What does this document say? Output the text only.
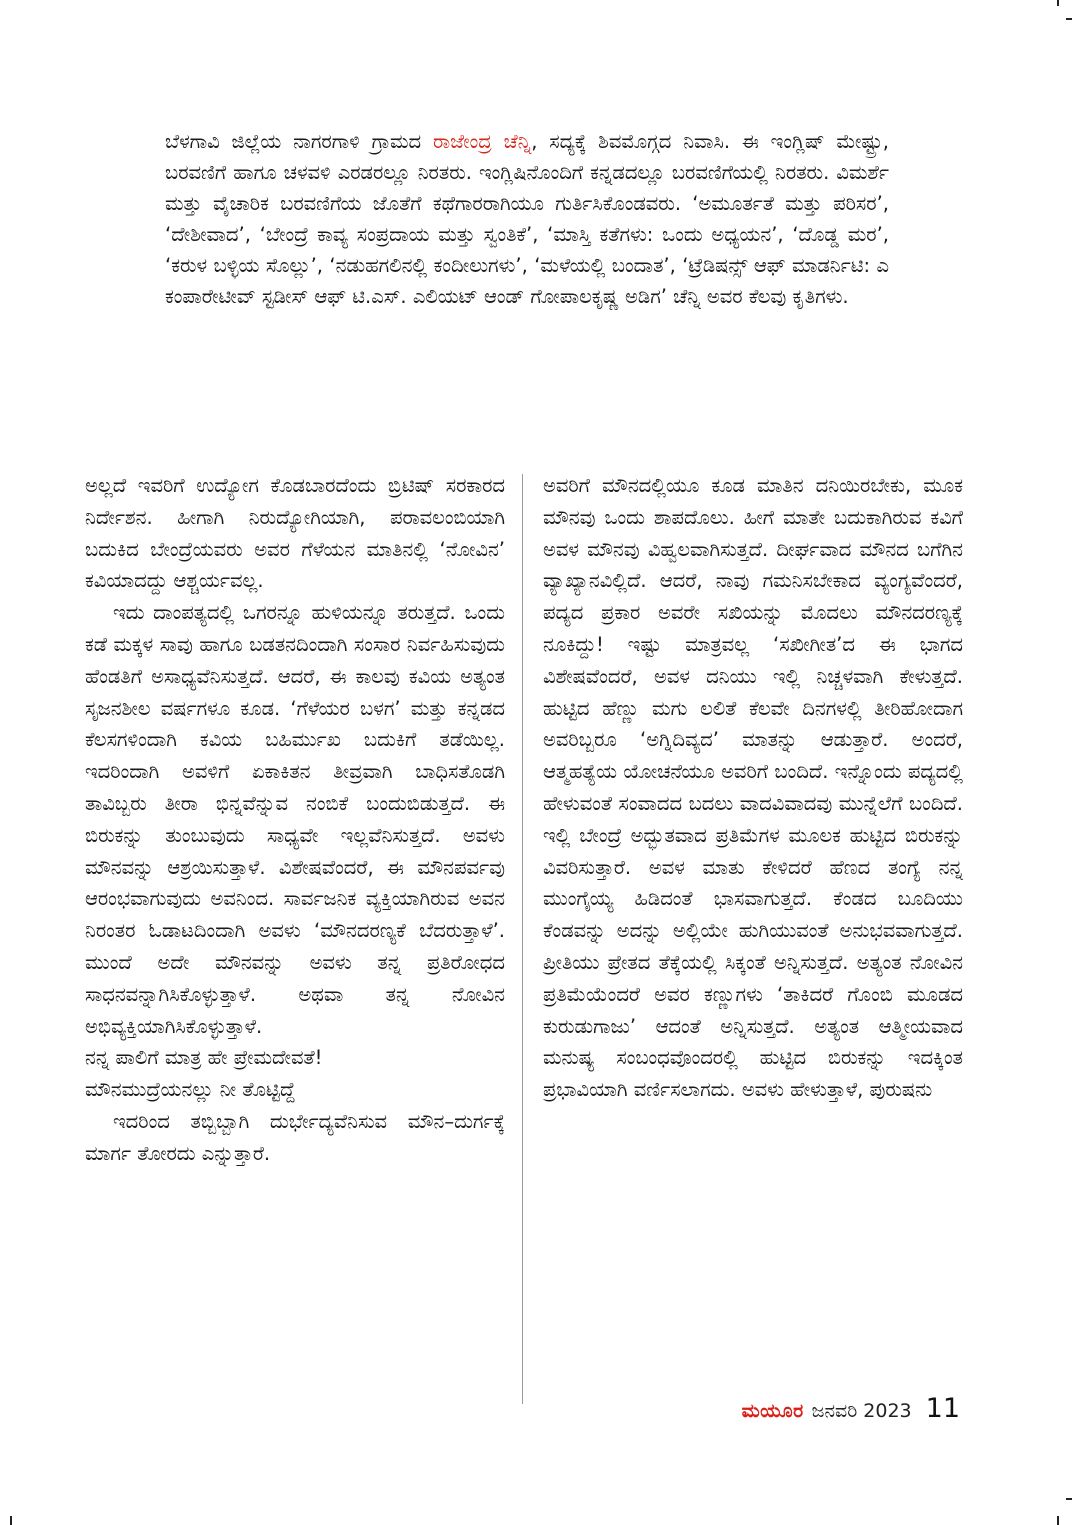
ಬೆಳಗಾವಿ ಜಿಲ್ಲೆಯ ನಾಗರಗಾಳಿ ಗ್ರಾಮದ ರಾಜೇಂದ್ರ ಚೆನ್ನಿ, ಸದ್ಯಕ್ಕೆ ಶಿವಮೊಗ್ಗದ ನಿವಾಸಿ. ಈ ಇಂಗ್ಲಿಷ್ ಮೇಷ್ಟ್ರು, ಬರವಣಿಗೆ ಹಾಗೂ ಚಳವಳಿ ಎರಡರಲ್ಲೂ ನಿರತರು. ಇಂಗ್ಲಿಷಿನೊಂದಿಗೆ ಕನ್ನಡದಲ್ಲೂ ಬರವಣಿಗೆಯಲ್ಲಿ ನಿರತರು. ವಿಮರ್ಶೆ ಮತ್ತು ವೈಚಾರಿಕ ಬರವಣಿಗೆಯ ಜೊತೆಗೆ ಕಥೆಗಾರರಾಗಿಯೂ ಗುರ್ತಿಸಿಕೊಂಡವರು. ‘ಅಮೂರ್ತತೆ ಮತ್ತು ಪರಿಸರ’, ‘ದೇಶೀವಾದ’, ‘ಬೇಂದ್ರೆ ಕಾವ್ಯ ಸಂಪ್ರದಾಯ ಮತ್ತು ಸ್ವಂತಿಕೆ’, ‘ಮಾಸ್ತಿ ಕತೆಗಳು: ಒಂದು ಅಧ್ಯಯನ’, ‘ದೊಡ್ಡ ಮರ’, ‘ಕರುಳ ಬಳ್ಳಿಯ ಸೊಲ್ಲು’, ‘ನಡುಹಗಲಿನಲ್ಲಿ ಕಂದೀಲುಗಳು’, ‘ಮಳೆಯಲ್ಲಿ ಬಂದಾತ’, ‘ಟ್ರೆಡಿಷನ್ಸ್ ಆಫ್ ಮಾಡರ್ನಿಟಿ: ಎ ಕಂಪಾರೇಟೀವ್ ಸ್ಟಡೀಸ್ ಆಫ್ ಟಿ.ಎಸ್. ಎಲಿಯಟ್ ಆಂಡ್ ಗೋಪಾಲಕೃಷ್ಣ ಅಡಿಗ’ ಚೆನ್ನಿ ಅವರ ಕೆಲವು ಕೃತಿಗಳು.

ಅಲ್ಲದೆ ಇವರಿಗೆ ಉದ್ಯೋಗ ಕೊಡಬಾರದೆಂದು ಬ್ರಿಟಿಷ್ ಸರಕಾರದ ನಿರ್ದೇಶನ. ಹೀಗಾಗಿ ನಿರುದ್ಯೋಗಿಯಾಗಿ, ಪರಾವಲಂಬಿಯಾಗಿ ಬದುಕಿದ ಬೇಂದ್ರೆಯವರು ಅವರ ಗೆಳೆಯನ ಮಾತಿನಲ್ಲಿ ‘ನೋವಿನ’ ಕವಿಯಾದದ್ದು ಆಶ್ಚರ್ಯವಲ್ಲ.

ಇದು ದಾಂಪತ್ಯದಲ್ಲಿ ಒಗರನ್ನೂ ಹುಳಿಯನ್ನೂ ತರುತ್ತದೆ. ಒಂದು ಕಡೆ ಮಕ್ಕಳ ಸಾವು ಹಾಗೂ ಬಡತನದಿಂದಾಗಿ ಸಂಸಾರ ನಿರ್ವಹಿಸುವುದು ಹೆಂಡತಿಗೆ ಅಸಾಧ್ಯವೆನಿಸುತ್ತದೆ. ಆದರೆ, ಈ ಕಾಲವು ಕವಿಯ ಅತ್ಯಂತ ಸೃಜನಶೀಲ ವರ್ಷಗಳೂ ಕೂಡ. ‘ಗೆಳೆಯರ ಬಳಗ’ ಮತ್ತು ಕನ್ನಡದ ಕೆಲಸಗಳಿಂದಾಗಿ ಕವಿಯ ಬಹಿರ್ಮುಖ ಬದುಕಿಗೆ ತಡೆಯಿಲ್ಲ. ಇದರಿಂದಾಗಿ ಅವಳಿಗೆ ಏಕಾಕಿತನ ತೀವ್ರವಾಗಿ ಬಾಧಿಸತೊಡಗಿ ತಾವಿಬ್ಬರು ತೀರಾ ಭಿನ್ನವೆನ್ನುವ ನಂಬಿಕೆ ಬಂದುಬಿಡುತ್ತದೆ. ಈ ಬಿರುಕನ್ನು ತುಂಬುವುದು ಸಾಧ್ಯವೇ ಇಲ್ಲವೆನಿಸುತ್ತದೆ. ಅವಳು ಮೌನವನ್ನು ಆಶ್ರಯಿಸುತ್ತಾಳೆ. ವಿಶೇಷವೆಂದರೆ, ಈ ಮೌನಪರ್ವವು ಆರಂಭವಾಗುವುದು ಅವನಿಂದ. ಸಾರ್ವಜನಿಕ ವ್ಯಕ್ತಿಯಾಗಿರುವ ಅವನ ನಿರಂತರ ಓಡಾಟದಿಂದಾಗಿ ಅವಳು ‘ಮೌನದರಣ್ಯಕೆ ಬೆದರುತ್ತಾಳೆ’. ಮುಂದೆ ಅದೇ ಮೌನವನ್ನು ಅವಳು ತನ್ನ ಪ್ರತಿರೋಧದ ಸಾಧನವನ್ನಾಗಿಸಿಕೊಳ್ಳುತ್ತಾಳೆ. ಅಥವಾ ತನ್ನ ನೋವಿನ ಅಭಿವ್ಯಕ್ತಿಯಾಗಿಸಿಕೊಳ್ಳುತ್ತಾಳೆ.

ನನ್ನ ಪಾಲಿಗೆ ಮಾತ್ರ ಹೇ ಪ್ರೇಮದೇವತೆ!

ಮೌನಮುದ್ರೆಯನಲ್ಲು ನೀ ತೊಟ್ಟಿದ್ದೆ

ಇದರಿಂದ ತಬ್ಬಿಬ್ಬಾಗಿ ದುರ್ಭೇದ್ಯವೆನಿಸುವ ಮೌನ–ದುರ್ಗಕ್ಕೆ ಮಾರ್ಗ ತೋರದು ಎನ್ನುತ್ತಾರೆ.

ಅವರಿಗೆ ಮೌನದಲ್ಲಿಯೂ ಕೂಡ ಮಾತಿನ ದನಿಯಿರಬೇಕು, ಮೂಕ ಮೌನವು ಒಂದು ಶಾಪದೊಲು. ಹೀಗೆ ಮಾತೇ ಬದುಕಾಗಿರುವ ಕವಿಗೆ ಅವಳ ಮೌನವು ವಿಹ್ವಲವಾಗಿಸುತ್ತದೆ. ದೀರ್ಘವಾದ ಮೌನದ ಬಗೆಗಿನ ವ್ಯಾಖ್ಯಾನವಿಲ್ಲಿದೆ. ಆದರೆ, ನಾವು ಗಮನಿಸಬೇಕಾದ ವ್ಯಂಗ್ಯವೆಂದರೆ, ಪದ್ಯದ ಪ್ರಕಾರ ಅವರೇ ಸಖಿಯನ್ನು ಮೊದಲು ಮೌನದರಣ್ಯಕ್ಕೆ ನೂಕಿದ್ದು! ಇಷ್ಟು ಮಾತ್ರವಲ್ಲ ‘ಸಖೀಗೀತ’ದ ಈ ಭಾಗದ ವಿಶೇಷವೆಂದರೆ, ಅವಳ ದನಿಯು ಇಲ್ಲಿ ನಿಚ್ಚಳವಾಗಿ ಕೇಳುತ್ತದೆ. ಹುಟ್ಟಿದ ಹೆಣ್ಣು ಮಗು ಲಲಿತೆ ಕೆಲವೇ ದಿನಗಳಲ್ಲಿ ತೀರಿಹೋದಾಗ ಅವರಿಬ್ಬರೂ ‘ಅಗ್ನಿದಿವ್ಯದ’ ಮಾತನ್ನು ಆಡುತ್ತಾರೆ. ಅಂದರೆ, ಆತ್ಮಹತ್ಯೆಯ ಯೋಚನೆಯೂ ಅವರಿಗೆ ಬಂದಿದೆ. ಇನ್ನೊಂದು ಪದ್ಯದಲ್ಲಿ ಹೇಳುವಂತೆ ಸಂವಾದದ ಬದಲು ವಾದವಿವಾದವು ಮುನ್ನೆಲೆಗೆ ಬಂದಿದೆ. ಇಲ್ಲಿ ಬೇಂದ್ರೆ ಅದ್ಭುತವಾದ ಪ್ರತಿಮೆಗಳ ಮೂಲಕ ಹುಟ್ಟಿದ ಬಿರುಕನ್ನು ವಿವರಿಸುತ್ತಾರೆ. ಅವಳ ಮಾತು ಕೇಳಿದರೆ ಹೆಣದ ತಂಗ್ಯೆ ನನ್ನ ಮುಂಗೈಯ್ಯ ಹಿಡಿದಂತೆ ಭಾಸವಾಗುತ್ತದೆ. ಕೆಂಡದ ಬೂದಿಯು ಕೆಂಡವನ್ನು ಅದನ್ನು ಅಲ್ಲಿಯೇ ಹುಗಿಯುವಂತೆ ಅನುಭವವಾಗುತ್ತದೆ. ಪ್ರೀತಿಯು ಪ್ರೇತದ ತೆಕ್ಕೆಯಲ್ಲಿ ಸಿಕ್ಕಂತೆ ಅನ್ನಿಸುತ್ತದೆ. ಅತ್ಯಂತ ನೋವಿನ ಪ್ರತಿಮೆಯೆಂದರೆ ಅವರ ಕಣ್ಣುಗಳು ‘ತಾಕಿದರೆ ಗೊಂಬಿ ಮೂಡದ ಕುರುಡುಗಾಜು’ ಆದಂತೆ ಅನ್ನಿಸುತ್ತದೆ. ಅತ್ಯಂತ ಆತ್ಮೀಯವಾದ ಮನುಷ್ಯ ಸಂಬಂಧವೊಂದರಲ್ಲಿ ಹುಟ್ಟಿದ ಬಿರುಕನ್ನು ಇದಕ್ಕಿಂತ ಪ್ರಭಾವಿಯಾಗಿ ವರ್ಣಿಸಲಾಗದು. ಅವಳು ಹೇಳುತ್ತಾಳೆ, ಪುರುಷನು

ಮಯೂರ ಜನವರಿ 2023 11
